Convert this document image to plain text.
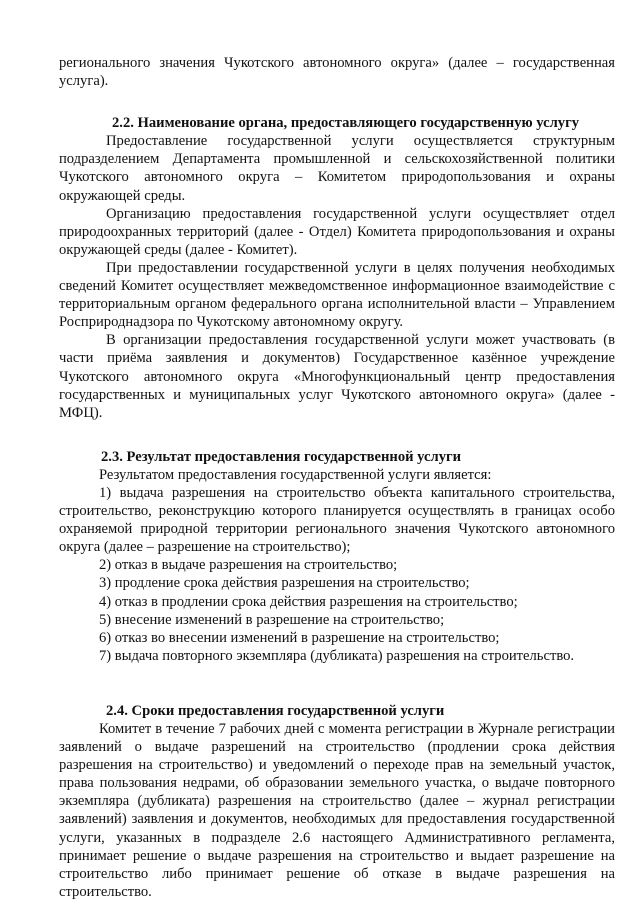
регионального значения Чукотского автономного округа» (далее – государственная услуга).

2.2. Наименование органа, предоставляющего государственную услугу

Предоставление государственной услуги осуществляется структурным подразделением Департамента промышленной и сельскохозяйственной политики Чукотского автономного округа – Комитетом природопользования и охраны окружающей среды.

Организацию предоставления государственной услуги осуществляет отдел природоохранных территорий (далее - Отдел) Комитета природопользования и охраны окружающей среды (далее - Комитет).

При предоставлении государственной услуги в целях получения необходимых сведений Комитет осуществляет межведомственное информационное взаимодействие с территориальным органом федерального органа исполнительной власти – Управлением Росприроднадзора по Чукотскому автономному округу.

В организации предоставления государственной услуги может участвовать (в части приёма заявления и документов) Государственное казённое учреждение Чукотского автономного округа «Многофункциональный центр предоставления государственных и муниципальных услуг Чукотского автономного округа» (далее - МФЦ).

2.3. Результат предоставления государственной услуги

Результатом предоставления государственной услуги является:

1) выдача разрешения на строительство объекта капитального строительства, строительство, реконструкцию которого планируется осуществлять в границах особо охраняемой природной территории регионального значения Чукотского автономного округа (далее – разрешение на строительство);

2) отказ в выдаче разрешения на строительство;

3) продление срока действия разрешения на строительство;

4) отказ в продлении срока действия разрешения на строительство;

5) внесение изменений в разрешение на строительство;

6) отказ во внесении изменений в разрешение на строительство;

7) выдача повторного экземпляра (дубликата) разрешения на строительство.

2.4. Сроки предоставления государственной услуги

Комитет в течение 7 рабочих дней с момента регистрации в Журнале регистрации заявлений о выдаче разрешений на строительство (продлении срока действия разрешения на строительство) и уведомлений о переходе прав на земельный участок, права пользования недрами, об образовании земельного участка, о выдаче повторного экземпляра (дубликата) разрешения на строительство (далее – журнал регистрации заявлений) заявления и документов, необходимых для предоставления государственной услуги, указанных в подразделе 2.6 настоящего Административного регламента, принимает решение о выдаче разрешения на строительство и выдает разрешение на строительство либо принимает решение об отказе в выдаче разрешения на строительство.
